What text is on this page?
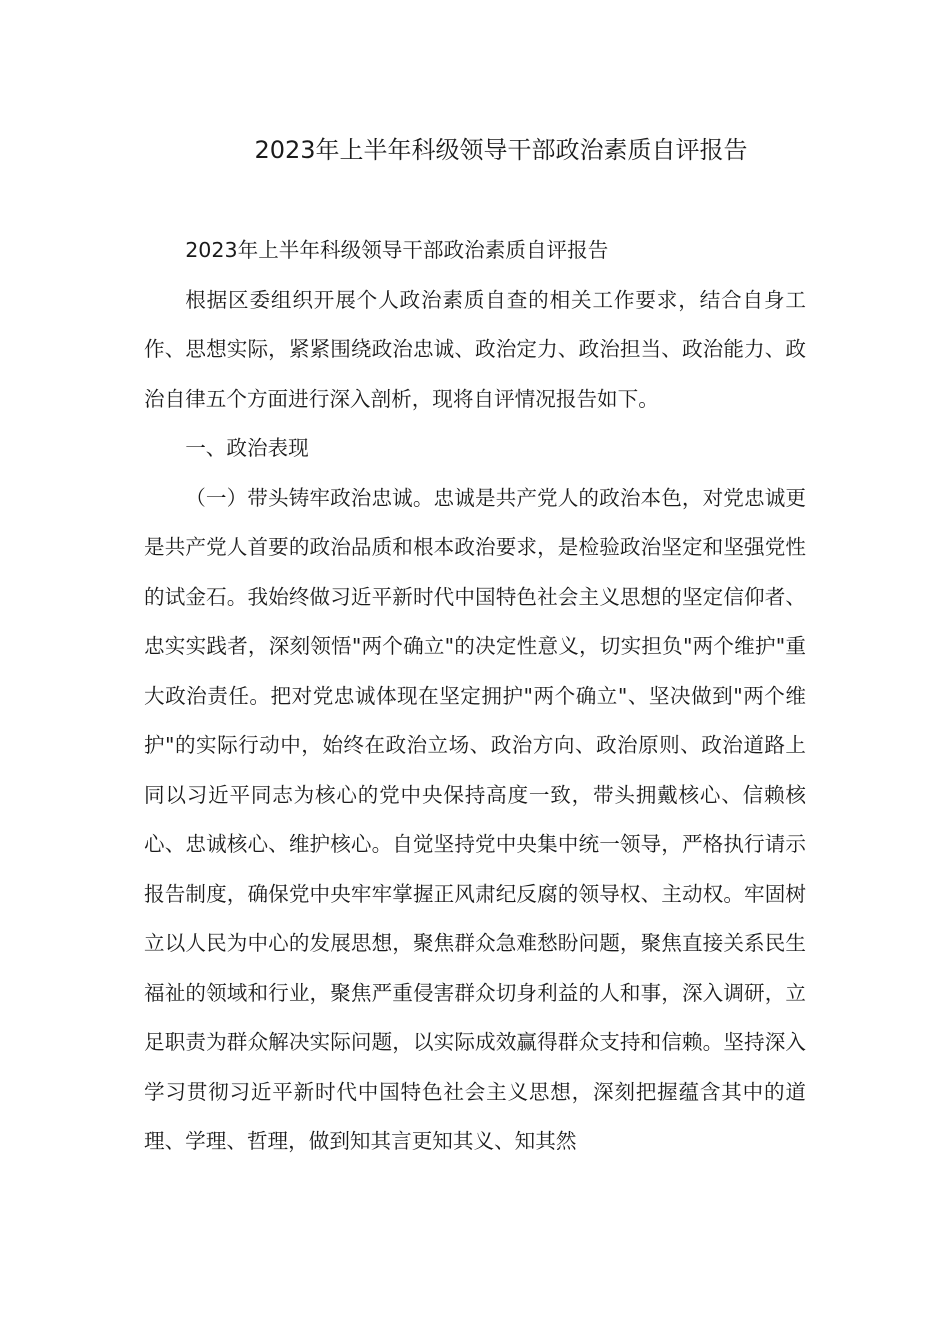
2023年上半年科级领导干部政治素质自评报告

2023年上半年科级领导干部政治素质自评报告

根据区委组织开展个人政治素质自查的相关工作要求，结合自身工作、思想实际，紧紧围绕政治忠诚、政治定力、政治担当、政治能力、政治自律五个方面进行深入剖析，现将自评情况报告如下。

一、政治表现

（一）带头铸牢政治忠诚。忠诚是共产党人的政治本色，对党忠诚更是共产党人首要的政治品质和根本政治要求，是检验政治坚定和坚强党性的试金石。我始终做习近平新时代中国特色社会主义思想的坚定信仰者、忠实实践者，深刻领悟"两个确立"的决定性意义，切实担负"两个维护"重大政治责任。把对党忠诚体现在坚定拥护"两个确立"、坚决做到"两个维护"的实际行动中，始终在政治立场、政治方向、政治原则、政治道路上同以习近平同志为核心的党中央保持高度一致，带头拥戴核心、信赖核心、忠诚核心、维护核心。自觉坚持党中央集中统一领导，严格执行请示报告制度，确保党中央牢牢掌握正风肃纪反腐的领导权、主动权。牢固树立以人民为中心的发展思想，聚焦群众急难愁盼问题，聚焦直接关系民生福祉的领域和行业，聚焦严重侵害群众切身利益的人和事，深入调研，立足职责为群众解决实际问题，以实际成效赢得群众支持和信赖。坚持深入学习贯彻习近平新时代中国特色社会主义思想，深刻把握蕴含其中的道理、学理、哲理，做到知其言更知其义、知其然
